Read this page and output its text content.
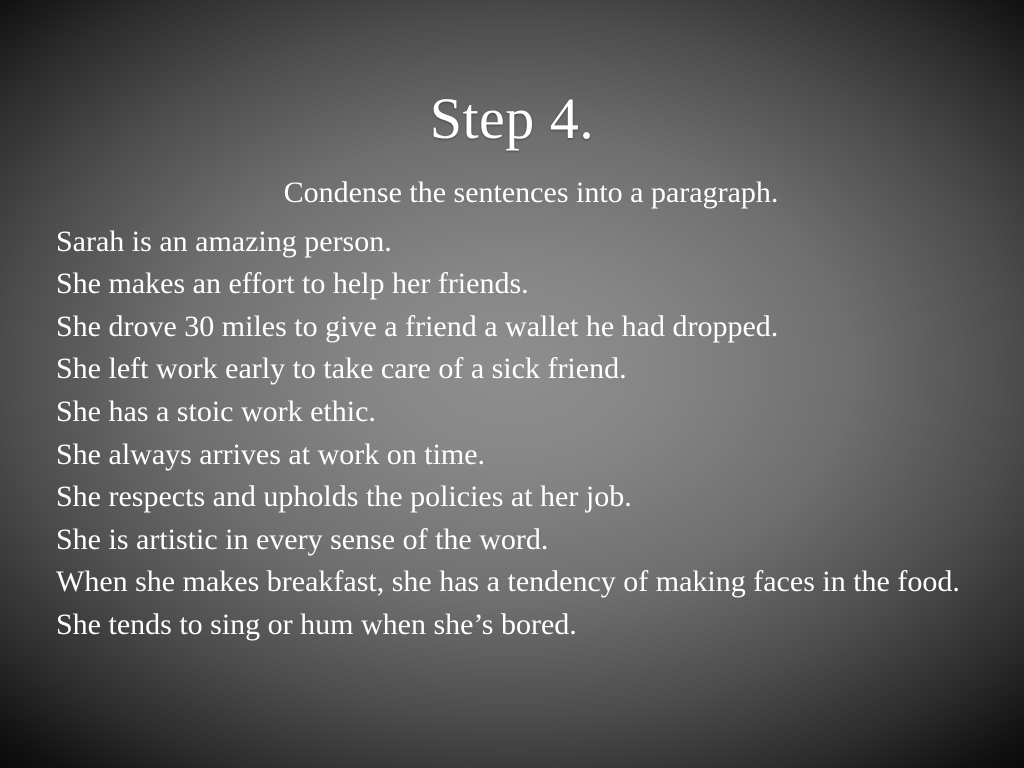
Step 4.

Condense the sentences into a paragraph.

Sarah is an amazing person.

She makes an effort to help her friends.

She drove 30 miles to give a friend a wallet he had dropped.

She left work early to take care of a sick friend.

She has a stoic work ethic.

She always arrives at work on time.

She respects and upholds the policies at her job.

She is artistic in every sense of the word.

When she makes breakfast, she has a tendency of making faces in the food.

She tends to sing or hum when she’s bored.
